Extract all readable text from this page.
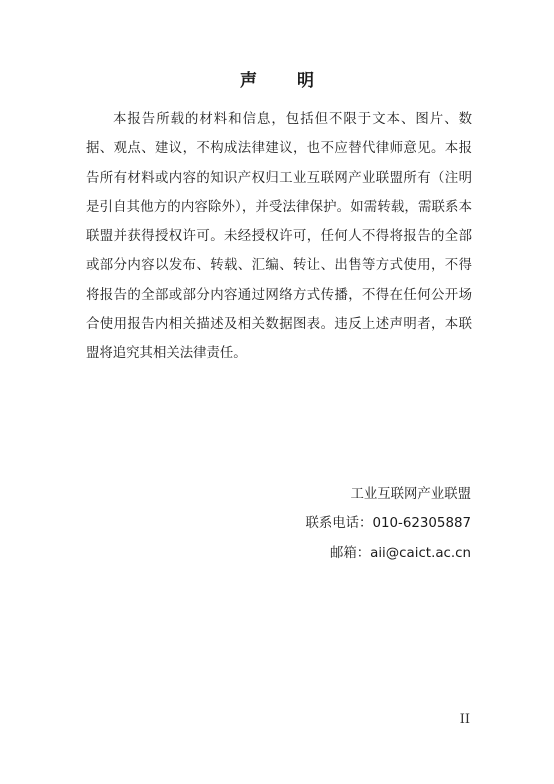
声 明

本报告所载的材料和信息，包括但不限于文本、图片、数据、观点、建议，不构成法律建议，也不应替代律师意见。本报告所有材料或内容的知识产权归工业互联网产业联盟所有（注明是引自其他方的内容除外），并受法律保护。如需转载，需联系本联盟并获得授权许可。未经授权许可，任何人不得将报告的全部或部分内容以发布、转载、汇编、转让、出售等方式使用，不得将报告的全部或部分内容通过网络方式传播，不得在任何公开场合使用报告内相关描述及相关数据图表。违反上述声明者，本联盟将追究其相关法律责任。

工业互联网产业联盟
联系电话：010-62305887
邮箱：aii@caict.ac.cn
II
